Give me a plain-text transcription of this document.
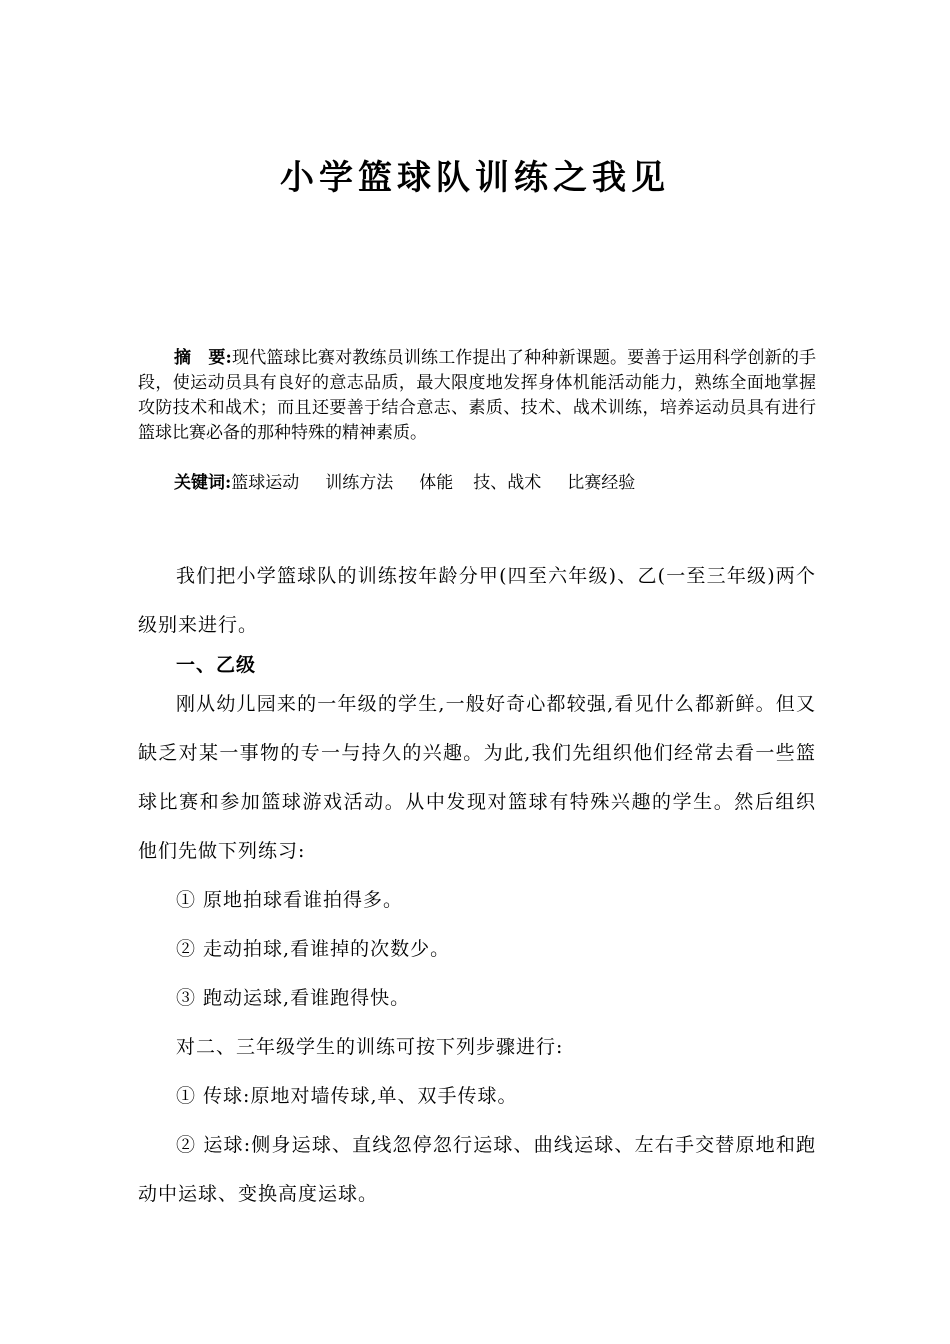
小学篮球队训练之我见

摘　要:现代篮球比赛对教练员训练工作提出了种种新课题。要善于运用科学创新的手段，使运动员具有良好的意志品质，最大限度地发挥身体机能活动能力，熟练全面地掌握攻防技术和战术；而且还要善于结合意志、素质、技术、战术训练，培养运动员具有进行篮球比赛必备的那种特殊的精神素质。

关键词:篮球运动 训练方法 体能 技、战术 比赛经验

我们把小学篮球队的训练按年龄分甲(四至六年级)、乙(一至三年级)两个级别来进行。

一、乙级

刚从幼儿园来的一年级的学生,一般好奇心都较强,看见什么都新鲜。但又缺乏对某一事物的专一与持久的兴趣。为此,我们先组织他们经常去看一些篮球比赛和参加篮球游戏活动。从中发现对篮球有特殊兴趣的学生。然后组织他们先做下列练习:

① 原地拍球看谁拍得多。

② 走动拍球,看谁掉的次数少。

③ 跑动运球,看谁跑得快。

对二、三年级学生的训练可按下列步骤进行:

① 传球:原地对墙传球,单、双手传球。

② 运球:侧身运球、直线忽停忽行运球、曲线运球、左右手交替原地和跑动中运球、变换高度运球。
